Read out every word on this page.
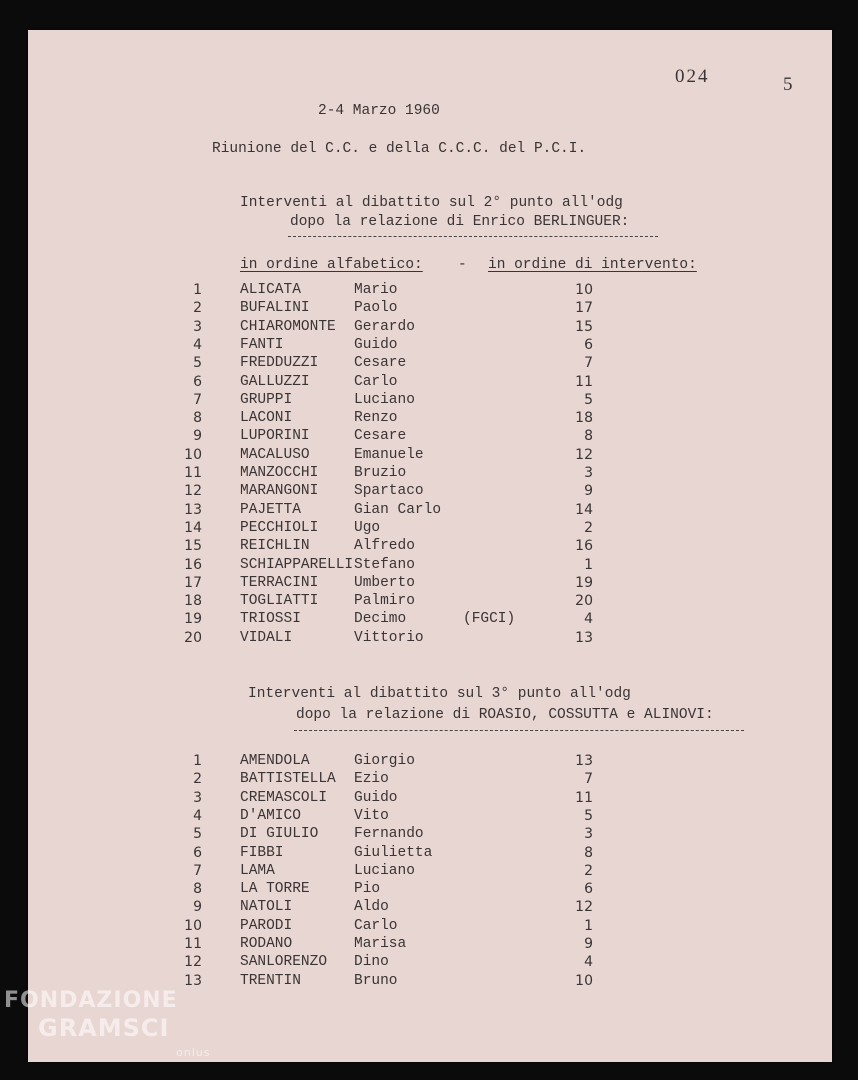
024	5
2-4 Marzo 1960
Riunione del C.C. e della C.C.C. del P.C.I.
Interventi al dibattito sul 2° punto all'odg
dopo la relazione di Enrico BERLINGUER:
in ordine alfabetico: - in ordine di intervento:
1	ALICATA	Mario	10
2	BUFALINI	Paolo	17
3	CHIAROMONTE Gerardo	15
4	FANTI	Guido	6
5	FREDDUZZI Cesare	7
6	GALLUZZI	Carlo	11
7	GRUPPI	Luciano	5
8	LACONI	Renzo	18
9	LUPORINI	Cesare	8
10	MACALUSO	Emanuele	12
11	MANZOCCHI Bruzio	3
12	MARANGONI Spartaco	9
13	PAJETTA	Gian Carlo	14
14	PECCHIOLI Ugo	2
15	REICHLIN	Alfredo	16
16	SCHIAPPARELLI Stefano	1
17	TERRACINI Umberto	19
18	TOGLIATTI Palmiro	20
19	TRIOSSI	Decimo	(FGCI)	4
20	VIDALI	Vittorio	13
Interventi al dibattito sul 3° punto all'odg
dopo la relazione di ROASIO, COSSUTTA e ALINOVI:
1	AMENDOLA	Giorgio	13
2	BATTISTELLA Ezio	7
3	CREMASCOLI Guido	11
4	D'AMICO	Vito	5
5	DI GIULIO Fernando	3
6	FIBBI	Giulietta	8
7	LAMA	Luciano	2
8	LA TORRE	Pio	6
9	NATOLI	Aldo	12
10	PARODI	Carlo	1
11	RODANO	Marisa	9
12	SANLORENZO Dino	4
13	TRENTIN	Bruno	10
FONDAZIONE
GRAMSCI
onlus
